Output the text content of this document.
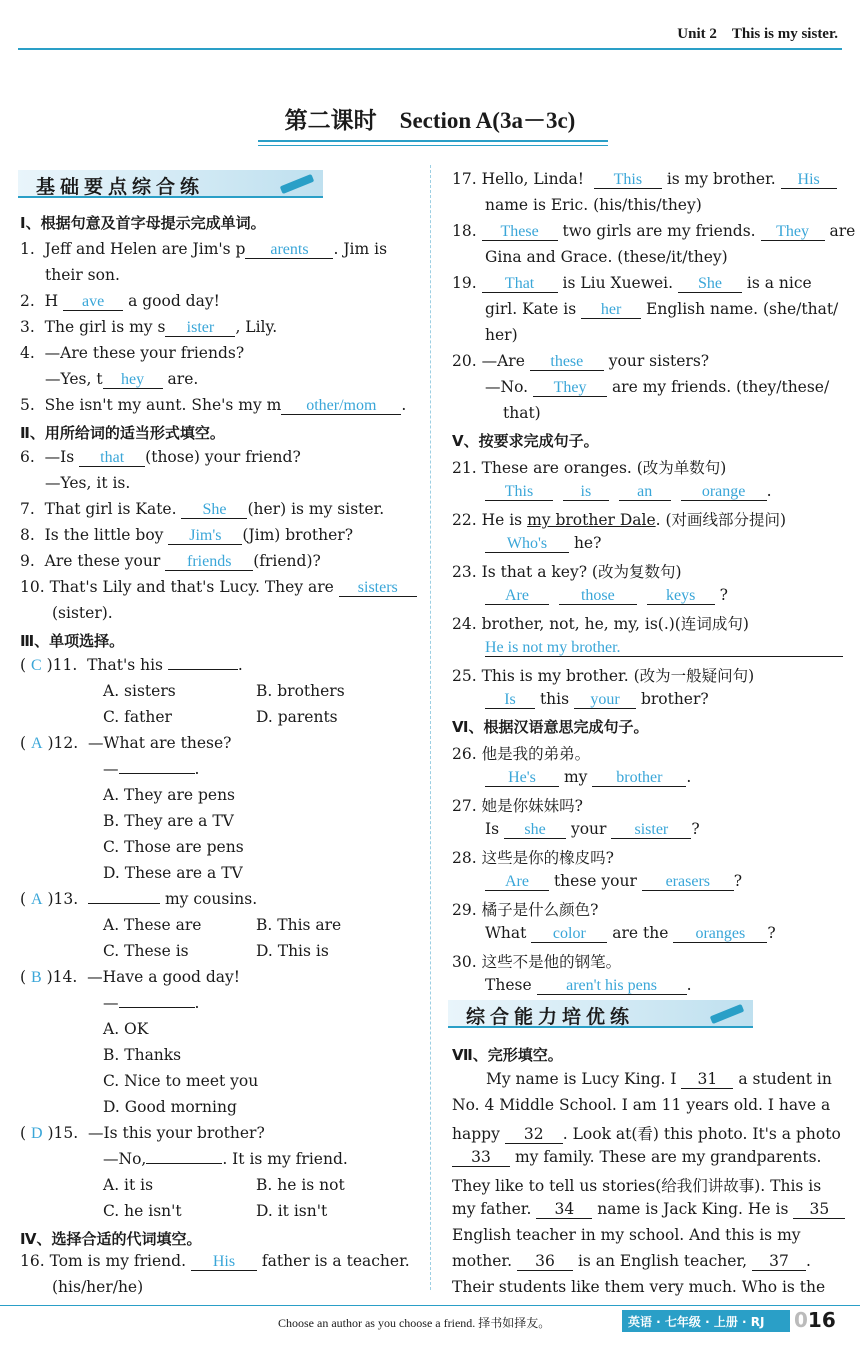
Unit 2　This is my sister.
第二课时　Section A(3a－3c)
基础要点综合练
Ⅰ、根据句意及首字母提示完成单词。
1. Jeff and Helen are Jim's p arents . Jim is
their son.
2. H ave a good day!
3. The girl is my s ister , Lily.
4. —Are these your friends?
—Yes, t hey are.
5. She isn't my aunt. She's my m other/mom .
Ⅱ、用所给词的适当形式填空。
6. —Is that (those) your friend?
—Yes, it is.
7. That girl is Kate. She (her) is my sister.
8. Is the little boy Jim's (Jim) brother?
9. Are these your friends (friend)?
10. That's Lily and that's Lucy. They are sisters
(sister).
Ⅲ、单项选择。
( C )11. That's his	.
A. sisters	B. brothers
C. father	D. parents
( A )12. —What are these?
—	.
A. They are pens
B. They are a TV
C. Those are pens
D. These are a TV
( A )13.	my cousins.
A. These are	B. This are
C. These is	D. This is
( B )14. —Have a good day!
—	.
A. OK
B. Thanks
C. Nice to meet you
D. Good morning
( D )15. —Is this your brother?
—No,	. It is my friend.
A. it is	B. he is not
C. he isn't	D. it isn't
Ⅳ、选择合适的代词填空。
16. Tom is my friend. His father is a teacher.
(his/her/he)
17. Hello, Linda! This is my brother. His
name is Eric. (his/this/they)
18. These two girls are my friends. They are
Gina and Grace. (these/it/they)
19. That is Liu Xuewei. She is a nice
girl. Kate is her English name. (she/that/
her)
20. —Are these your sisters?
—No. They are my friends. (they/these/
that)
Ⅴ、按要求完成句子。
21. These are oranges. (改为单数句)
This	is	an	orange .
22. He is my brother Dale. (对画线部分提问)
Who's he?
23. Is that a key? (改为复数句)
Are	those	keys ?
24. brother, not, he, my, is(.)(连词成句)
He is not my brother.
25. This is my brother. (改为一般疑问句)
Is this your brother?
Ⅵ、根据汉语意思完成句子。
26. 他是我的弟弟。
He's my brother .
27. 她是你妹妹吗?
Is she your sister ?
28. 这些是你的橡皮吗?
Are these your erasers ?
29. 橘子是什么颜色?
What color are the oranges ?
30. 这些不是他的钢笔。
These aren't his pens .
综合能力培优练
Ⅶ、完形填空。
My name is Lucy King. I 31 a student in
No. 4 Middle School. I am 11 years old. I have a
happy 32 . Look at(看) this photo. It's a photo
33 my family. These are my grandparents.
They like to tell us stories(给我们讲故事). This is
my father. 34 name is Jack King. He is 35
English teacher in my school. And this is my
mother. 36 is an English teacher, 37 .
Their students like them very much. Who is the
Choose an author as you choose a friend. 择书如择友。	英语 · 七年级 · 上册 · RJ 016
